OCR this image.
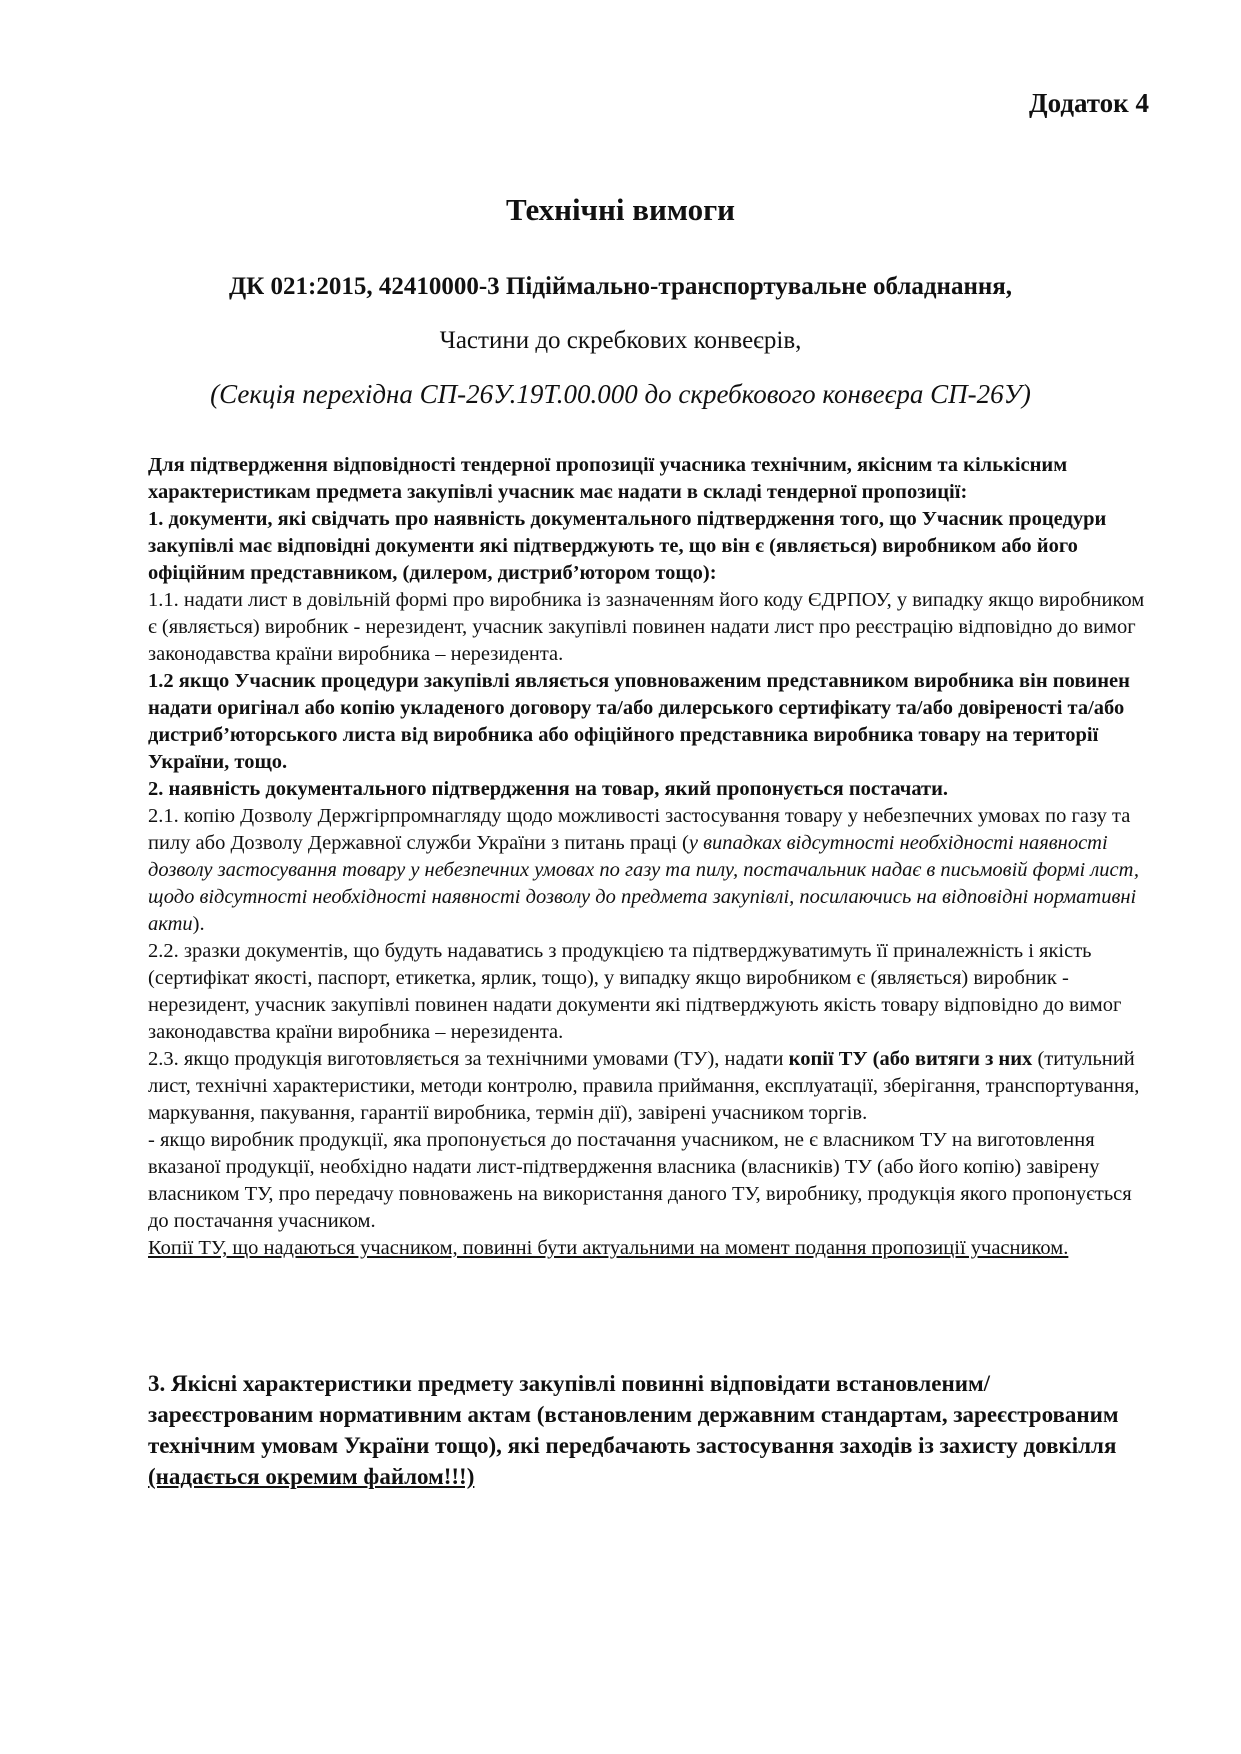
Додаток 4
Технічні вимоги
ДК 021:2015, 42410000-3 Підіймально-транспортувальне обладнання,
Частини до скребкових конвеєрів,
(Секція перехідна СП-26У.19Т.00.000 до скребкового конвеєра СП-26У)

Для підтвердження відповідності тендерної пропозиції учасника технічним, якісним та кількісним характеристикам предмета закупівлі учасник має надати в складі тендерної пропозиції:

1. документи, які свідчать про наявність документального підтвердження того, що Учасник процедури закупівлі має відповідні документи які підтверджують те, що він є (являється) виробником або його офіційним представником, (дилером, дистриб’ютором тощо):

1.1. надати лист в довільній формі про виробника із зазначенням його коду ЄДРПОУ, у випадку якщо виробником є (являється) виробник - нерезидент, учасник закупівлі повинен надати лист про реєстрацію відповідно до вимог законодавства країни виробника – нерезидента.

1.2 якщо Учасник процедури закупівлі являється уповноваженим представником виробника він повинен надати оригінал або копію укладеного договору та/або дилерського сертифікату та/або довіреності та/або дистриб’юторського листа від виробника або офіційного представника виробника товару на території України, тощо.

2. наявність документального підтвердження на товар, який пропонується постачати.

2.1. копію Дозволу Держгірпромнагляду щодо можливості застосування товару у небезпечних умовах по газу та пилу або Дозволу Державної служби України з питань праці (у випадках відсутності необхідності наявності дозволу застосування товару у небезпечних умовах по газу та пилу, постачальник надає в письмовій формі лист, щодо відсутності необхідності наявності дозволу до предмета закупівлі, посилаючись на відповідні нормативні акти).

2.2. зразки документів, що будуть надаватись з продукцією та підтверджуватимуть її приналежність і якість (сертифікат якості, паспорт, етикетка, ярлик, тощо), у випадку якщо виробником є (являється) виробник - нерезидент, учасник закупівлі повинен надати документи які підтверджують якість товару відповідно до вимог законодавства країни виробника – нерезидента.

2.3. якщо продукція виготовляється за технічними умовами (ТУ), надати копії ТУ (або витяги з них (титульний лист, технічні характеристики, методи контролю, правила приймання, експлуатації, зберігання, транспортування, маркування, пакування, гарантії виробника, термін дії), завірені учасником торгів.

- якщо виробник продукції, яка пропонується до постачання учасником, не є власником ТУ на виготовлення вказаної продукції, необхідно надати лист-підтвердження власника (власників) ТУ (або його копію) завірену власником ТУ, про передачу повноважень на використання даного ТУ, виробнику, продукція якого пропонується до постачання учасником.

Копії ТУ, що надаються учасником, повинні бути актуальними на момент подання пропозиції учасником.

3. Якісні характеристики предмету закупівлі повинні відповідати встановленим/зареєстрованим нормативним актам (встановленим державним стандартам, зареєстрованим технічним умовам України тощо), які передбачають застосування заходів із захисту довкілля (надається окремим файлом!!!)
